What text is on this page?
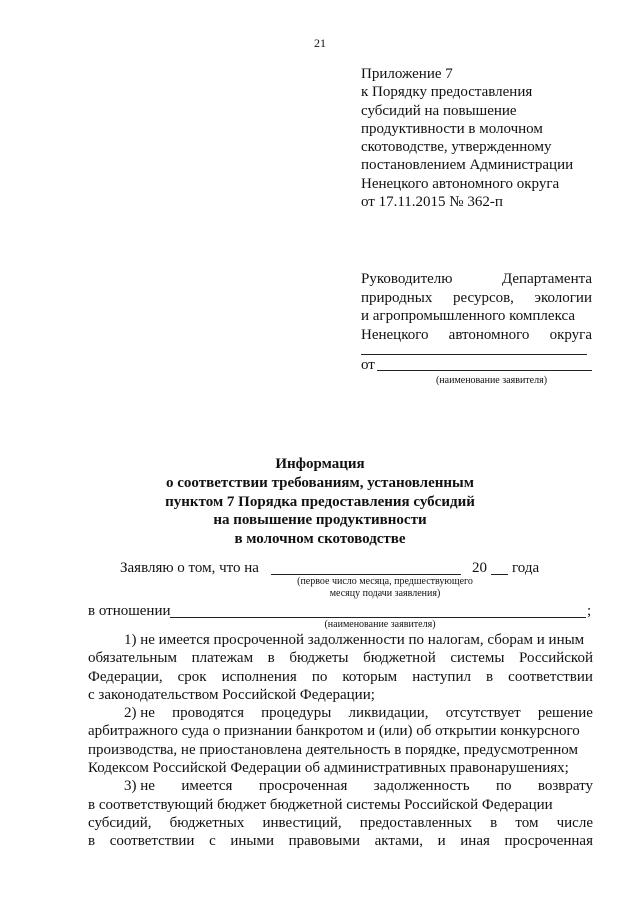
21
Приложение 7
к Порядку предоставления
субсидий на повышение
продуктивности в молочном
скотоводстве, утвержденному
постановлением Администрации
Ненецкого автономного округа
от 17.11.2015 № 362-п
Руководителю	Департамента
природных ресурсов, экологии
и агропромышленного комплекса
Ненецкого автономного округа
от
(наименование заявителя)
Информация
о соответствии требованиям, установленным
пунктом 7 Порядка предоставления субсидий
на повышение продуктивности
в молочном скотоводстве
Заявляю о том, что на	20 года
(первое число месяца, предшествующего
месяцу подачи заявления)
в отношении	;
(наименование заявителя)
1) не имеется просроченной задолженности по налогам, сборам и иным
обязательным платежам в бюджеты бюджетной системы Российской
Федерации, срок исполнения по которым наступил в соответствии
с законодательством Российской Федерации;
2) не проводятся процедуры ликвидации, отсутствует решение
арбитражного суда о признании банкротом и (или) об открытии конкурсного
производства, не приостановлена деятельность в порядке, предусмотренном
Кодексом Российской Федерации об административных правонарушениях;
3) не имеется просроченная задолженность по возврату
в соответствующий бюджет бюджетной системы Российской Федерации
субсидий, бюджетных инвестиций, предоставленных в том числе
в соответствии с иными правовыми актами, и иная просроченная
